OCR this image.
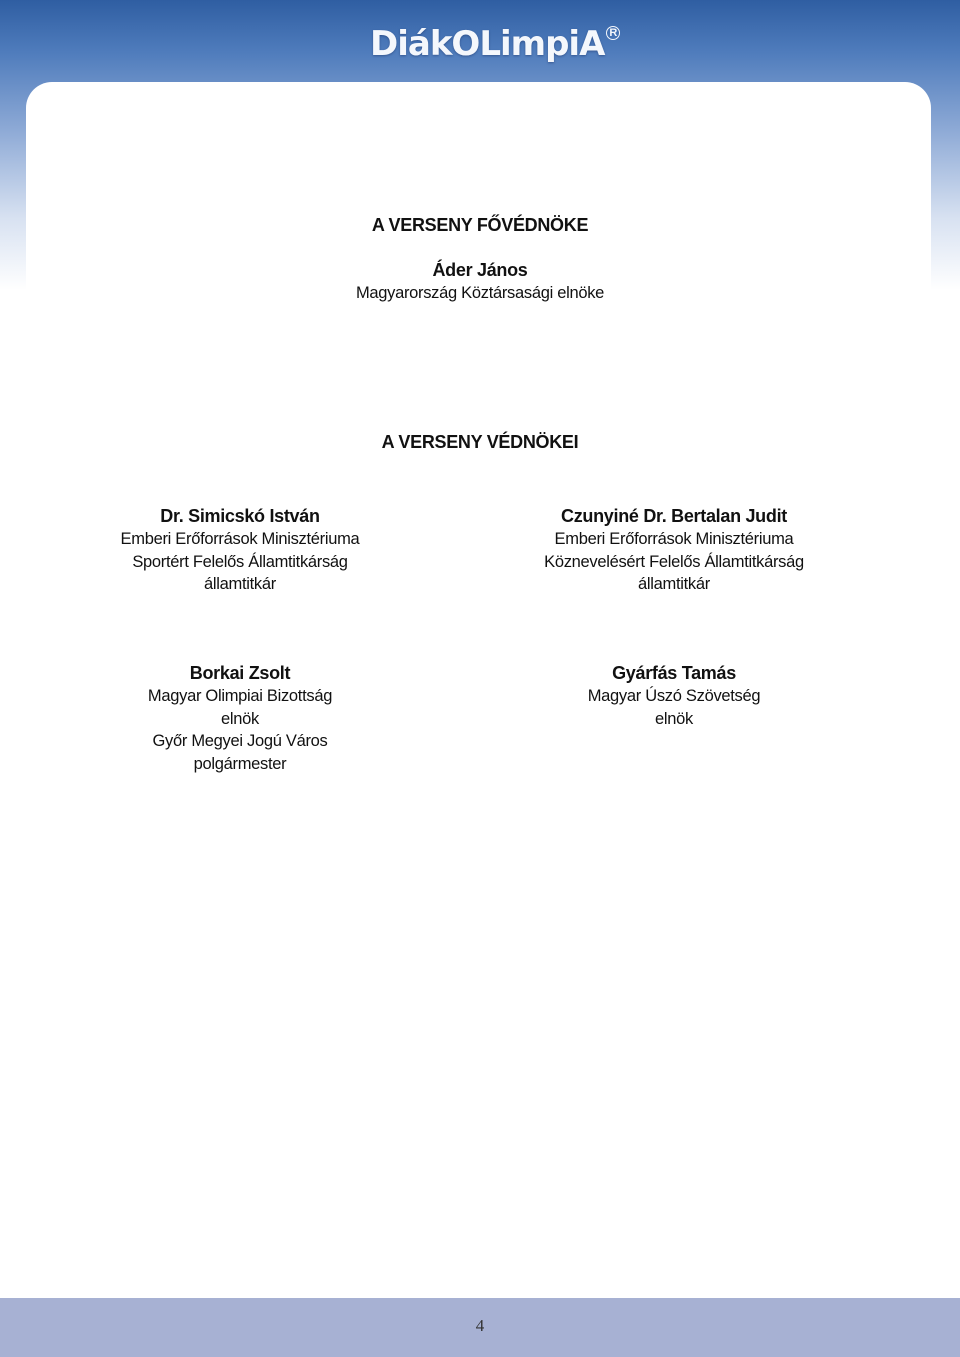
DiákOLimpiA R
A VERSENY FŐVÉDNÖKE
Áder János
Magyarország Köztársasági elnöke
A VERSENY VÉDNÖKEI
Dr. Simicskó István
Emberi Erőforrások Minisztériuma
Sportért Felelős Államtitkárság
államtitkár
Czunyiné Dr. Bertalan Judit
Emberi Erőforrások Minisztériuma
Köznevelésért Felelős Államtitkárság
államtitkár
Borkai Zsolt
Magyar Olimpiai Bizottság
elnök
Győr Megyei Jogú Város
polgármester
Gyárfás Tamás
Magyar Úszó Szövetség
elnök
4
